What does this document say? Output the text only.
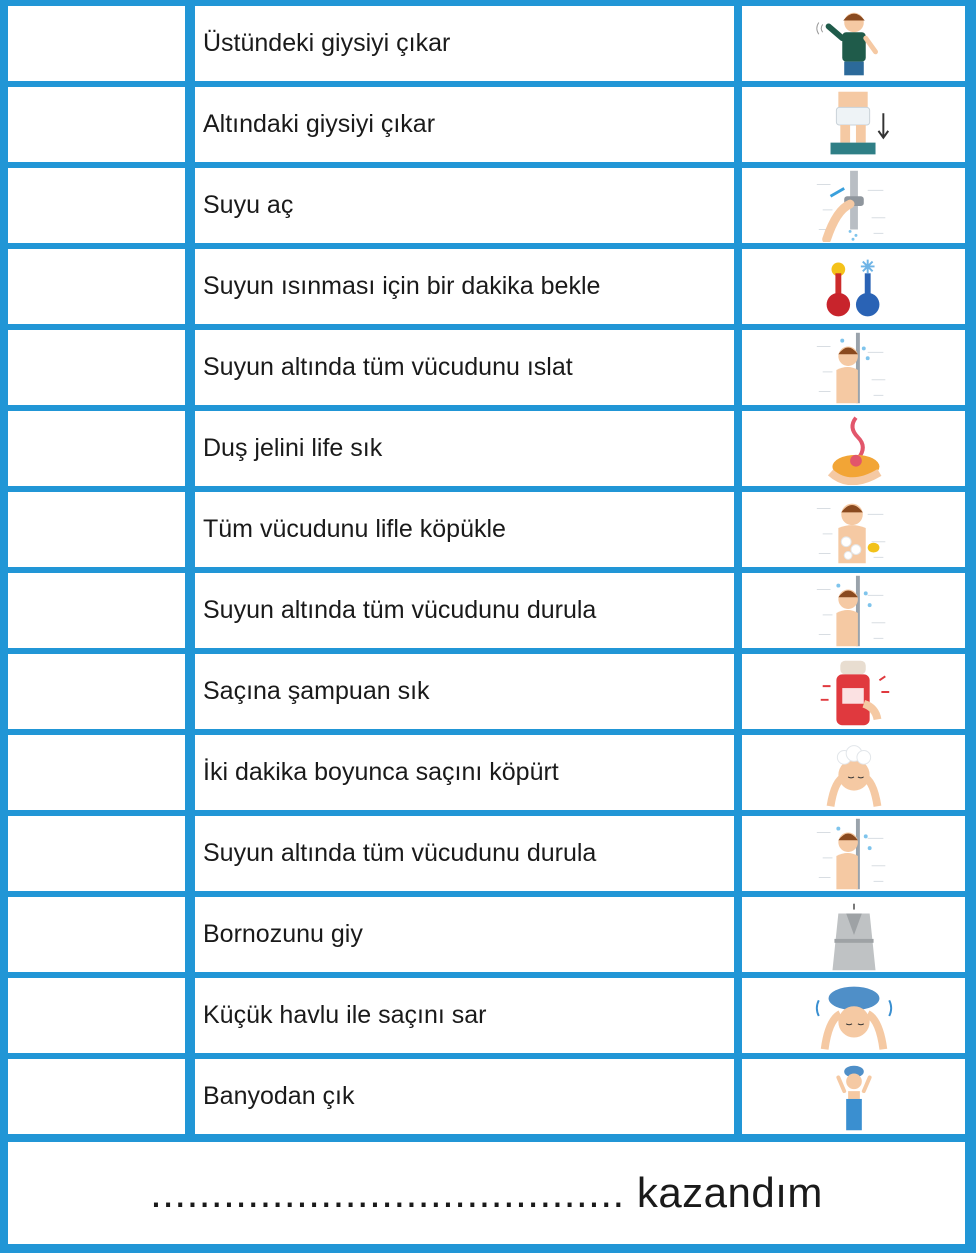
Üstündeki giysiyi çıkar
Altındaki giysiyi çıkar
Suyu aç
Suyun ısınması için bir dakika bekle
Suyun altında tüm vücudunu ıslat
Duş jelini life sık
Tüm vücudunu lifle köpükle
Suyun altında tüm vücudunu durula
Saçına şampuan sık
İki dakika boyunca saçını köpürt
Suyun altında tüm vücudunu durula
Bornozunu giy
Küçük havlu ile saçını sar
Banyodan çık
....................................... kazandım
